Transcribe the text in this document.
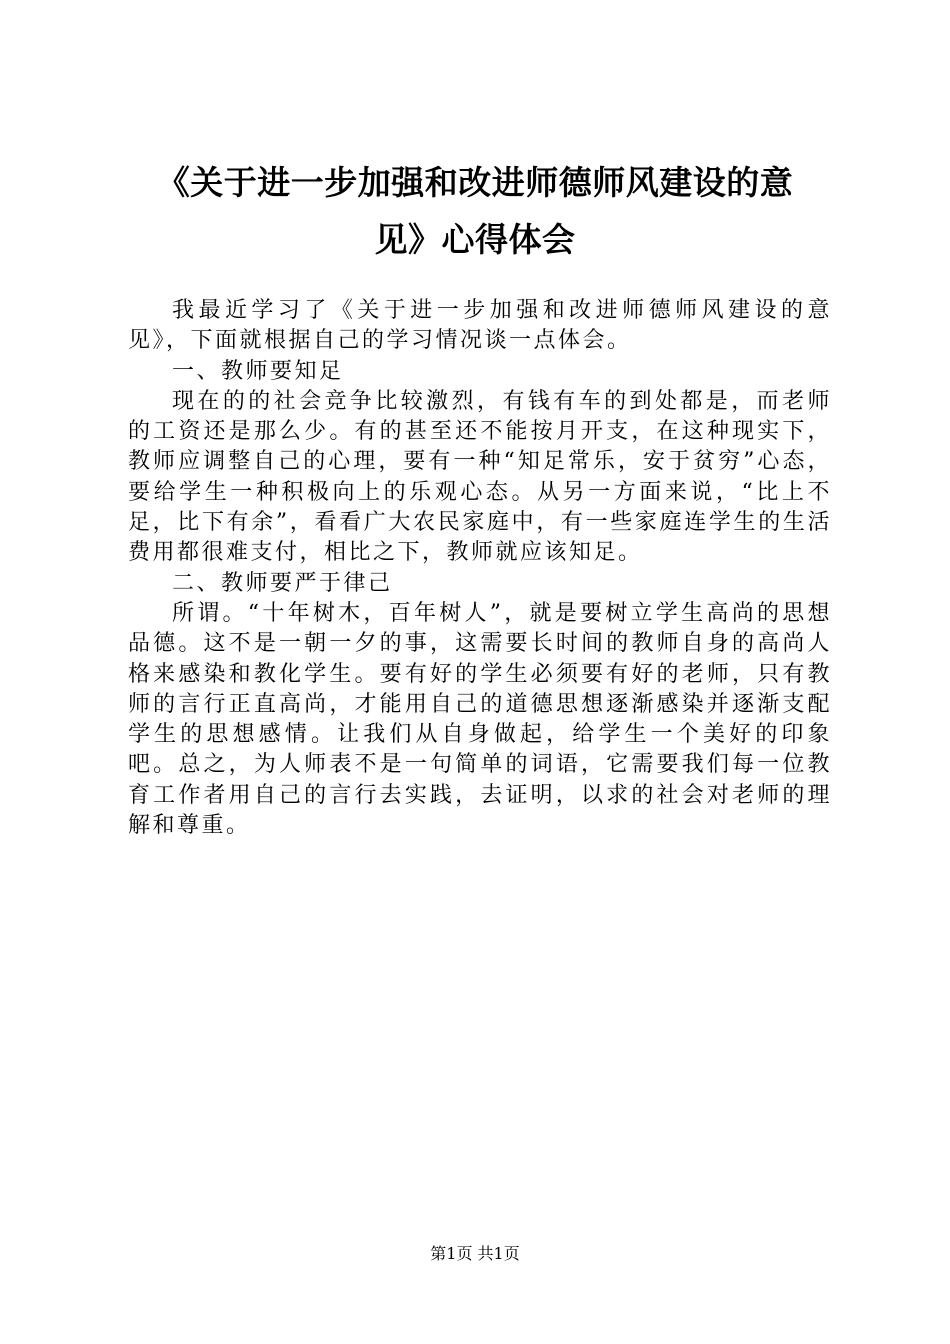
《关于进一步加强和改进师德师风建设的意
见》心得体会

我最近学习了《关于进一步加强和改进师德师风建设的意见》，下面就根据自己的学习情况谈一点体会。

一、教师要知足

现在的的社会竞争比较激烈，有钱有车的到处都是，而老师的工资还是那么少。有的甚至还不能按月开支，在这种现实下，教师应调整自己的心理，要有一种“知足常乐，安于贫穷”心态，要给学生一种积极向上的乐观心态。从另一方面来说，“比上不足，比下有余”，看看广大农民家庭中，有一些家庭连学生的生活费用都很难支付，相比之下，教师就应该知足。

二、教师要严于律己

所谓。“十年树木，百年树人”，就是要树立学生高尚的思想品德。这不是一朝一夕的事，这需要长时间的教师自身的高尚人格来感染和教化学生。要有好的学生必须要有好的老师，只有教师的言行正直高尚，才能用自己的道德思想逐渐感染并逐渐支配学生的思想感情。让我们从自身做起，给学生一个美好的印象吧。总之，为人师表不是一句简单的词语，它需要我们每一位教育工作者用自己的言行去实践，去证明，以求的社会对老师的理解和尊重。

第1页 共1页
